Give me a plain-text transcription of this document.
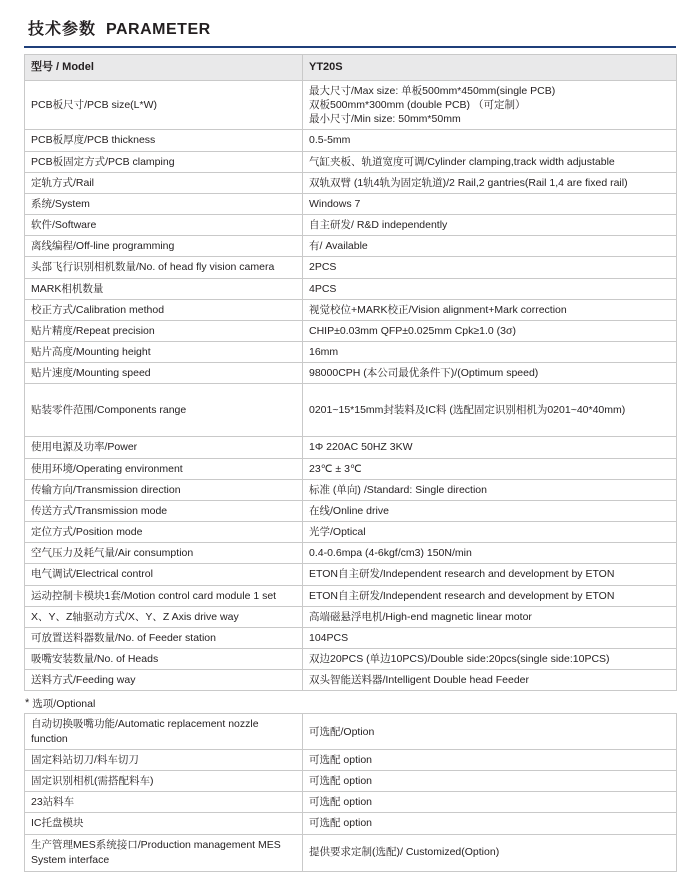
技术参数 PARAMETER
型号 / Model	YT20S
PCB板尺寸/PCB size(L*W)	最大尺寸/Max size: 单板500mm*450mm(single PCB)
双板500mm*300mm (double PCB) （可定制）
最小尺寸/Min size: 50mm*50mm

PCB板厚度/PCB thickness	0.5-5mm
PCB板固定方式/PCB clamping	气缸夹板、轨道宽度可调/Cylinder clamping,track width adjustable
定轨方式/Rail	双轨双臂 (1轨4轨为固定轨道)/2 Rail,2 gantries(Rail 1,4 are fixed rail)
系统/System	Windows 7
软件/Software	自主研发/ R&D independently
离线编程/Off-line programming	有/ Available
头部飞行识别相机数量/No. of head fly vision camera	2PCS
MARK相机数量	4PCS
校正方式/Calibration method	视觉校位+MARK校正/Vision alignment+Mark correction
贴片精度/Repeat precision	CHIP±0.03mm QFP±0.025mm Cpk≥1.0 (3σ)
贴片高度/Mounting height	16mm
贴片速度/Mounting speed	98000CPH (本公司最优条件下)/(Optimum speed)
贴装零件范围/Components range	0201~15*15mm封装料及IC料 (选配固定识别相机为0201~40*40mm)
使用电源及功率/Power	1Φ 220AC 50HZ 3KW
使用环境/Operating environment	23℃ ± 3℃
传输方向/Transmission direction	标准 (单向) /Standard: Single direction
传送方式/Transmission mode	在线/Online drive
定位方式/Position mode	光学/Optical
空气压力及耗气量/Air consumption	0.4-0.6mpa (4-6kgf/cm3) 150N/min
电气调试/Electrical control	ETON自主研发/Independent research and development by ETON
运动控制卡模块1套/Motion control card module 1 set	ETON自主研发/Independent research and development by ETON
X、Y、Z轴驱动方式/X、Y、Z Axis drive way	高端磁悬浮电机/High-end magnetic linear motor
可放置送料器数量/No. of Feeder station	104PCS
吸嘴安装数量/No. of Heads	双边20PCS (单边10PCS)/Double side:20pcs(single side:10PCS)
送料方式/Feeding way	双头智能送料器/Intelligent Double head Feeder
* 选项/Optional
自动切换吸嘴功能/Automatic replacement nozzle function	可选配/Option
固定料站切刀/料车切刀	可选配 option
固定识别相机(需搭配料车)	可选配 option
23站料车	可选配 option
IC托盘模块	可选配 option
生产管理MES系统接口/Production management MES System interface	提供要求定制(选配)/ Customized(Option)
